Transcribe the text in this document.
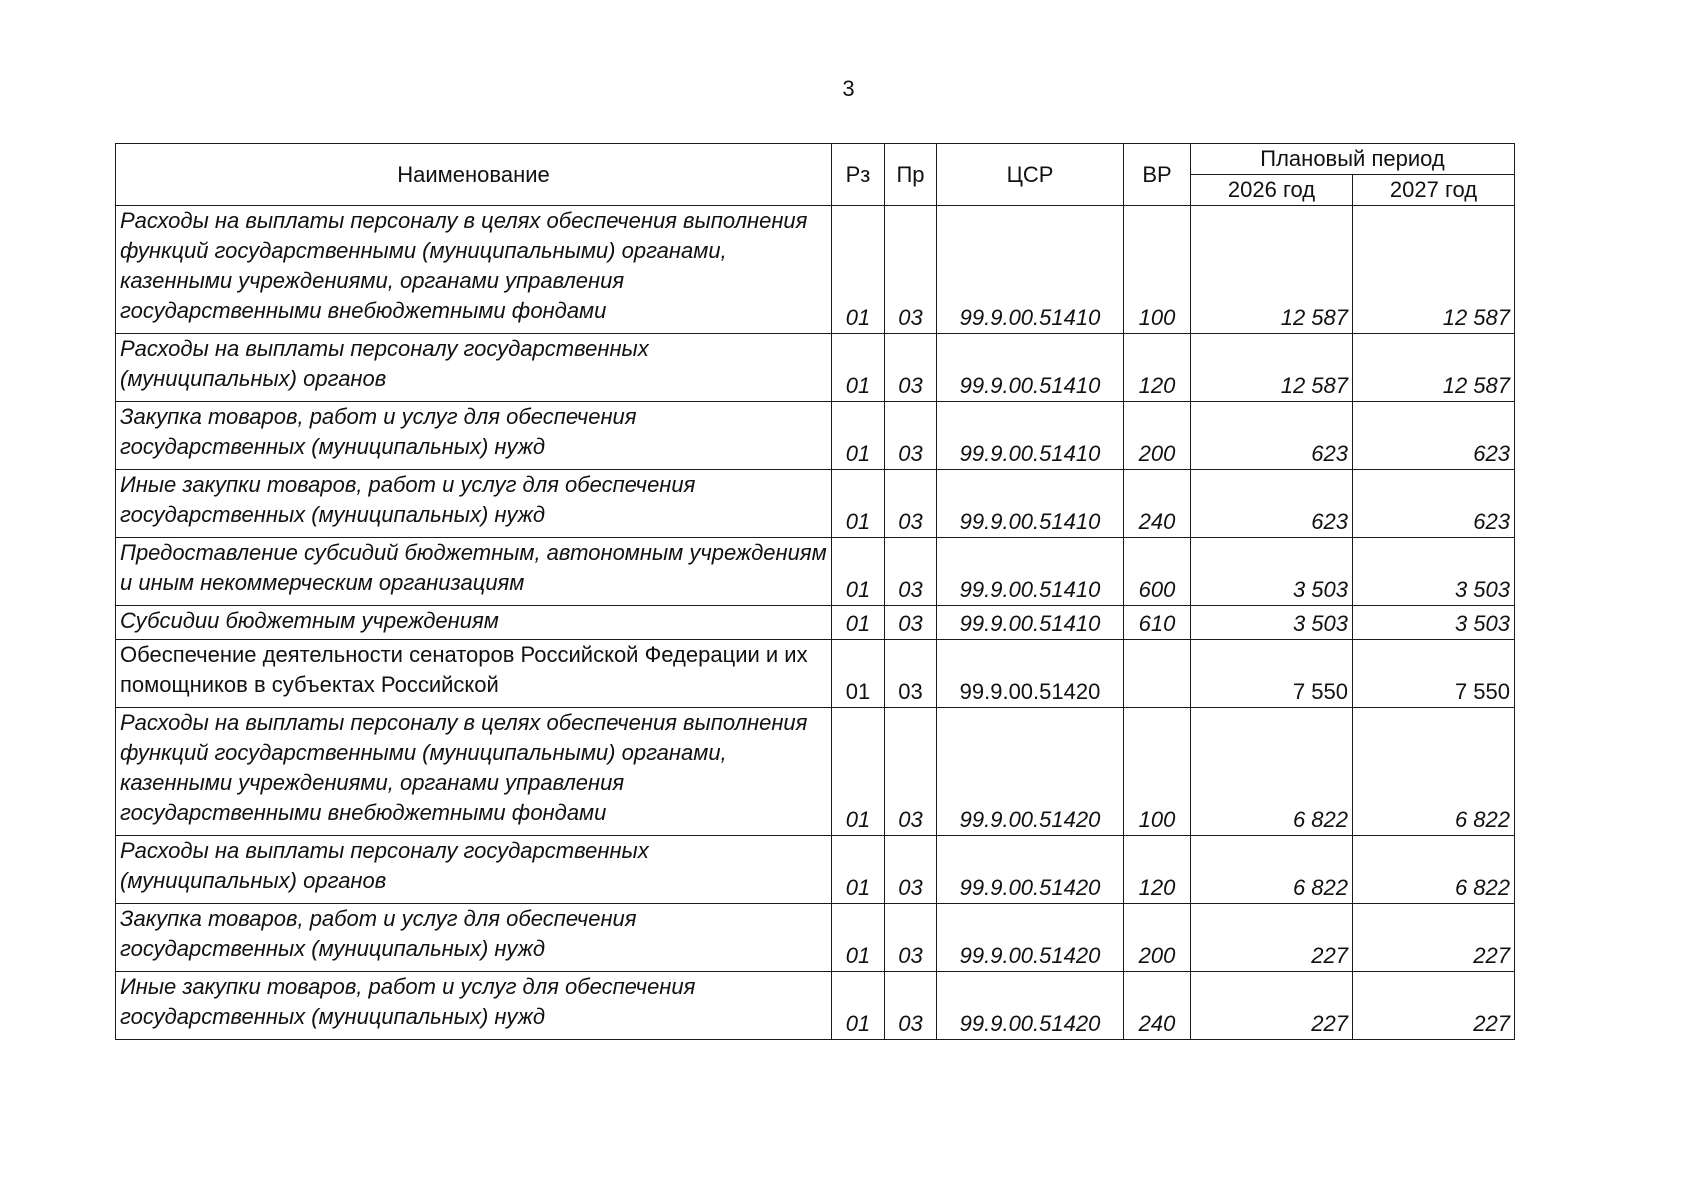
3
Наименование	Рз	Пр	ЦСР	ВР	Плановый период	
					2026 год	2027 год
Расходы на выплаты персоналу в целях обеспечения выполнения функций государственными (муниципальными) органами, казенными учреждениями, органами управления государственными внебюджетными фондами	01	03	99.9.00.51410	100	12 587	12 587
Расходы на выплаты персоналу государственных (муниципальных) органов	01	03	99.9.00.51410	120	12 587	12 587
Закупка товаров, работ и услуг для обеспечения государственных (муниципальных) нужд	01	03	99.9.00.51410	200	623	623
Иные закупки товаров, работ и услуг для обеспечения государственных (муниципальных) нужд	01	03	99.9.00.51410	240	623	623
Предоставление субсидий бюджетным, автономным учреждениям и иным некоммерческим организациям	01	03	99.9.00.51410	600	3 503	3 503
Субсидии бюджетным учреждениям	01	03	99.9.00.51410	610	3 503	3 503
Обеспечение деятельности сенаторов Российской Федерации и их помощников в субъектах Российской	01	03	99.9.00.51420		7 550	7 550
Расходы на выплаты персоналу в целях обеспечения выполнения функций государственными (муниципальными) органами, казенными учреждениями, органами управления государственными внебюджетными фондами	01	03	99.9.00.51420	100	6 822	6 822
Расходы на выплаты персоналу государственных (муниципальных) органов	01	03	99.9.00.51420	120	6 822	6 822
Закупка товаров, работ и услуг для обеспечения государственных (муниципальных) нужд	01	03	99.9.00.51420	200	227	227
Иные закупки товаров, работ и услуг для обеспечения государственных (муниципальных) нужд	01	03	99.9.00.51420	240	227	227
